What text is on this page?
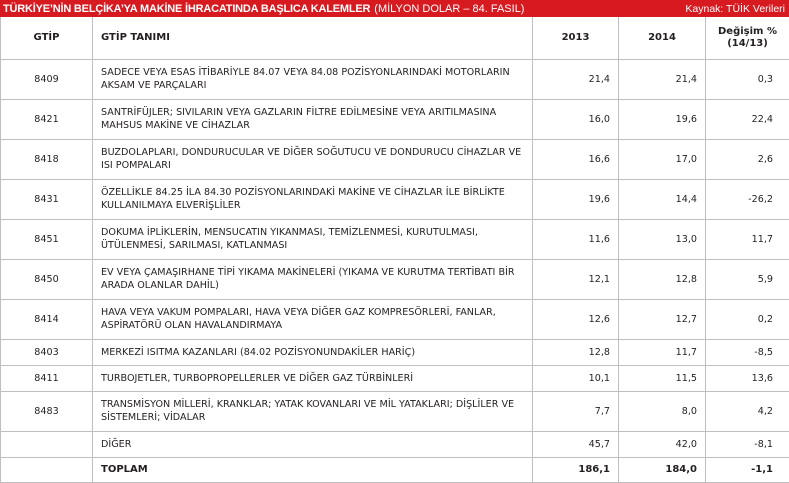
TÜRKİYE’NİN BELÇİKA’YA MAKİNE İHRACATINDA BAŞLICA KALEMLER (MİLYON DOLAR – 84. FASIL)	Kaynak: TÜİK Verileri
GTİP	GTİP TANIMI	2013	2014	Değişim % (14/13)
8409	SADECE VEYA ESAS İTİBARİYLE 84.07 VEYA 84.08 POZİSYONLARINDAKİ MOTORLARIN AKSAM VE PARÇALARI	21,4	21,4	0,3
8421	SANTRİFÜJLER; SIVILARIN VEYA GAZLARIN FİLTRE EDİLMESİNE VEYA ARITILMASINA MAHSUS MAKİNE VE CİHAZLAR	16,0	19,6	22,4
8418	BUZDOLAPLARI, DONDURUCULAR VE DİĞER SOĞUTUCU VE DONDURUCU CİHAZLAR VE ISI POMPALARI	16,6	17,0	2,6
8431	ÖZELLİKLE 84.25 İLA 84.30 POZİSYONLARINDAKİ MAKİNE VE CİHAZLAR İLE BİRLİKTE KULLANILMAYA ELVERİŞLİLER	19,6	14,4	-26,2
8451	DOKUMA İPLİKLERİN, MENSUCATIN YIKANMASI, TEMİZLENMESİ, KURUTULMASI, ÜTÜLENMESİ, SARILMASI, KATLANMASI	11,6	13,0	11,7
8450	EV VEYA ÇAMAŞIRHANE TİPİ YIKAMA MAKİNELERİ (YIKAMA VE KURUTMA TERTİBATI BİR ARADA OLANLAR DAHİL)	12,1	12,8	5,9
8414	HAVA VEYA VAKUM POMPALARI, HAVA VEYA DİĞER GAZ KOMPRESÖRLERİ, FANLAR, ASPİRATÖRÜ OLAN HAVALANDIRMAYA	12,6	12,7	0,2
8403	MERKEZİ ISITMA KAZANLARI (84.02 POZİSYONUNDAKİLER HARİÇ)	12,8	11,7	-8,5
8411	TURBOJETLER, TURBOPROPELLERLER VE DİĞER GAZ TÜRBİNLERİ	10,1	11,5	13,6
8483	TRANSMİSYON MİLLERİ, KRANKLAR; YATAK KOVANLARI VE MİL YATAKLARI; DİŞLİLER VE SİSTEMLERİ; VİDALAR	7,7	8,0	4,2
	DİĞER	45,7	42,0	-8,1
	TOPLAM	186,1	184,0	-1,1
